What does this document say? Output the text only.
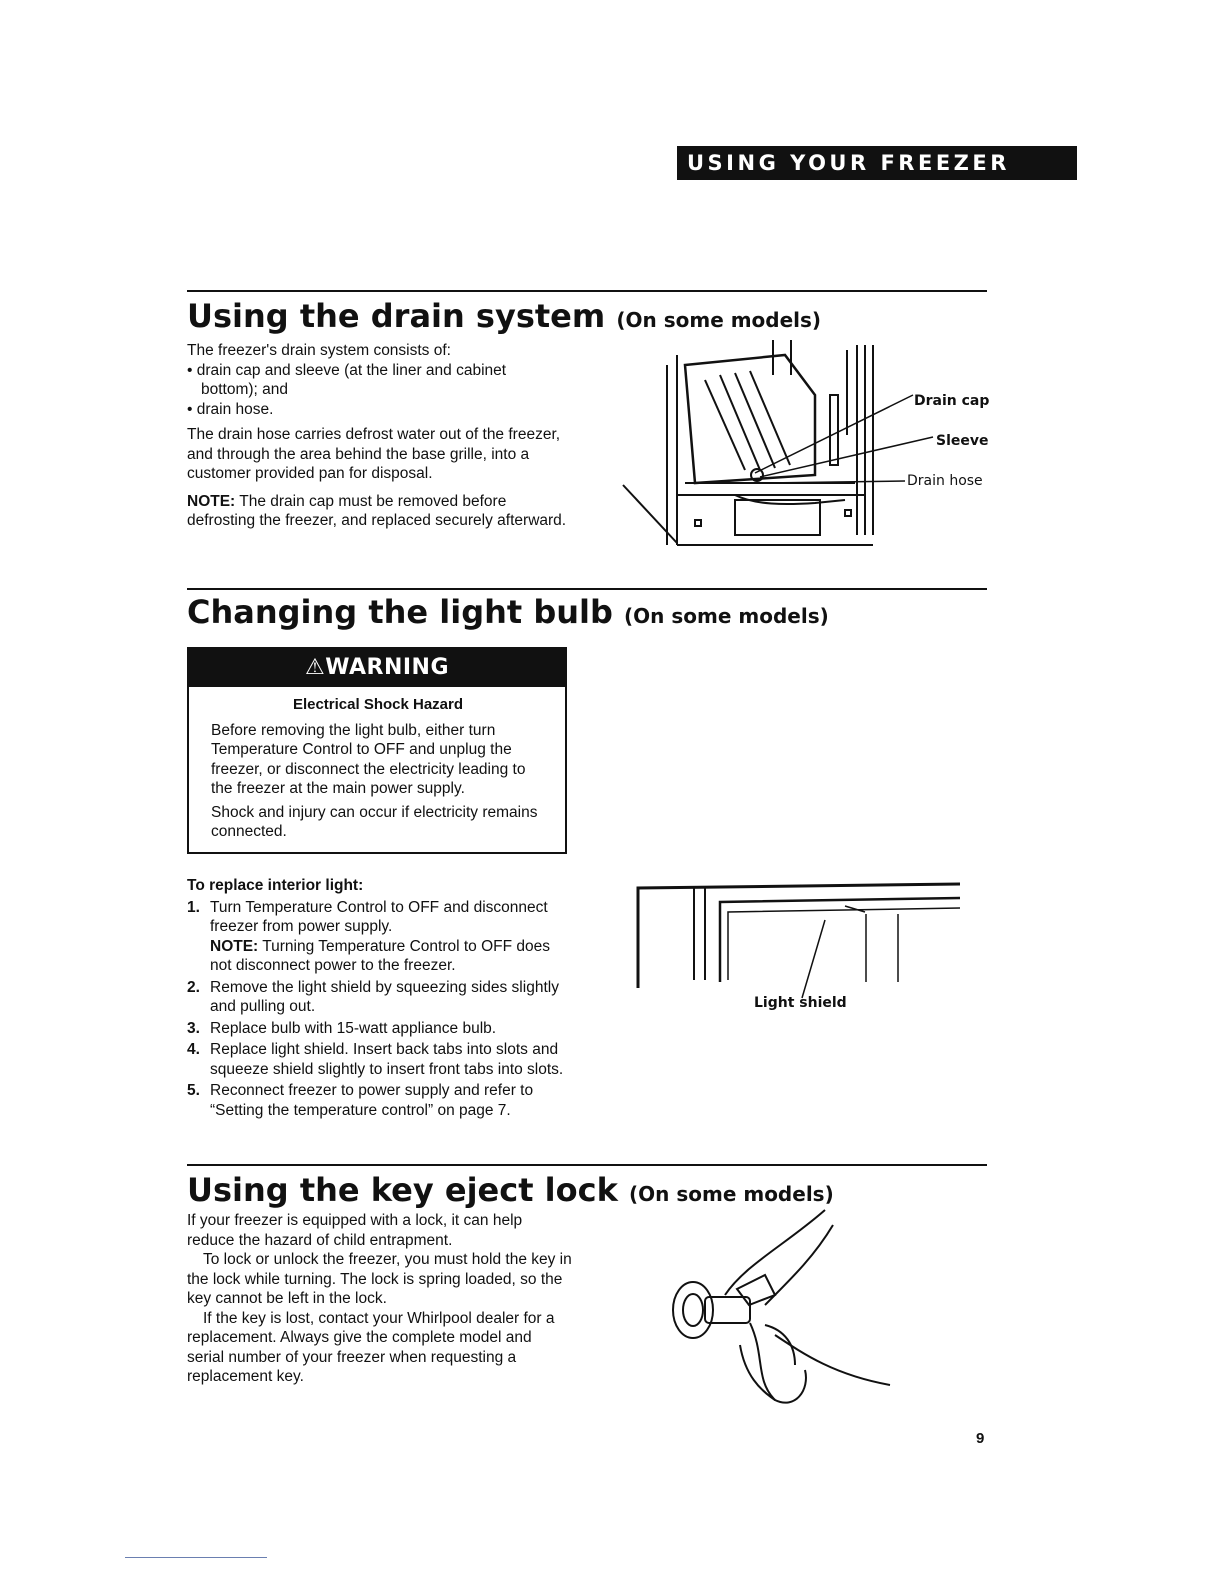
USING YOUR FREEZER
Using the drain system (On some models)

The freezer's drain system consists of:

• drain cap and sleeve (at the liner and cabinet bottom); and

• drain hose.

The drain hose carries defrost water out of the freezer, and through the area behind the base grille, into a customer provided pan for disposal.

NOTE: The drain cap must be removed before defrosting the freezer, and replaced securely afterward.

Drain cap
Sleeve
Drain hose
Changing the light bulb (On some models)
⚠WARNING
Electrical Shock Hazard

Before removing the light bulb, either turn Temperature Control to OFF and unplug the freezer, or disconnect the electricity leading to the freezer at the main power supply.

Shock and injury can occur if electricity remains connected.

To replace interior light:

1. Turn Temperature Control to OFF and disconnect freezer from power supply.
NOTE: Turning Temperature Control to OFF does not disconnect power to the freezer.
2. Remove the light shield by squeezing sides slightly and pulling out.
3. Replace bulb with 15-watt appliance bulb.
4. Replace light shield. Insert back tabs into slots and squeeze shield slightly to insert front tabs into slots.
5. Reconnect freezer to power supply and refer to “Setting the temperature control” on page 7.
Light shield
Using the key eject lock (On some models)

If your freezer is equipped with a lock, it can help reduce the hazard of child entrapment.

To lock or unlock the freezer, you must hold the key in the lock while turning. The lock is spring loaded, so the key cannot be left in the lock.

If the key is lost, contact your Whirlpool dealer for a replacement. Always give the complete model and serial number of your freezer when requesting a replacement key.

9
